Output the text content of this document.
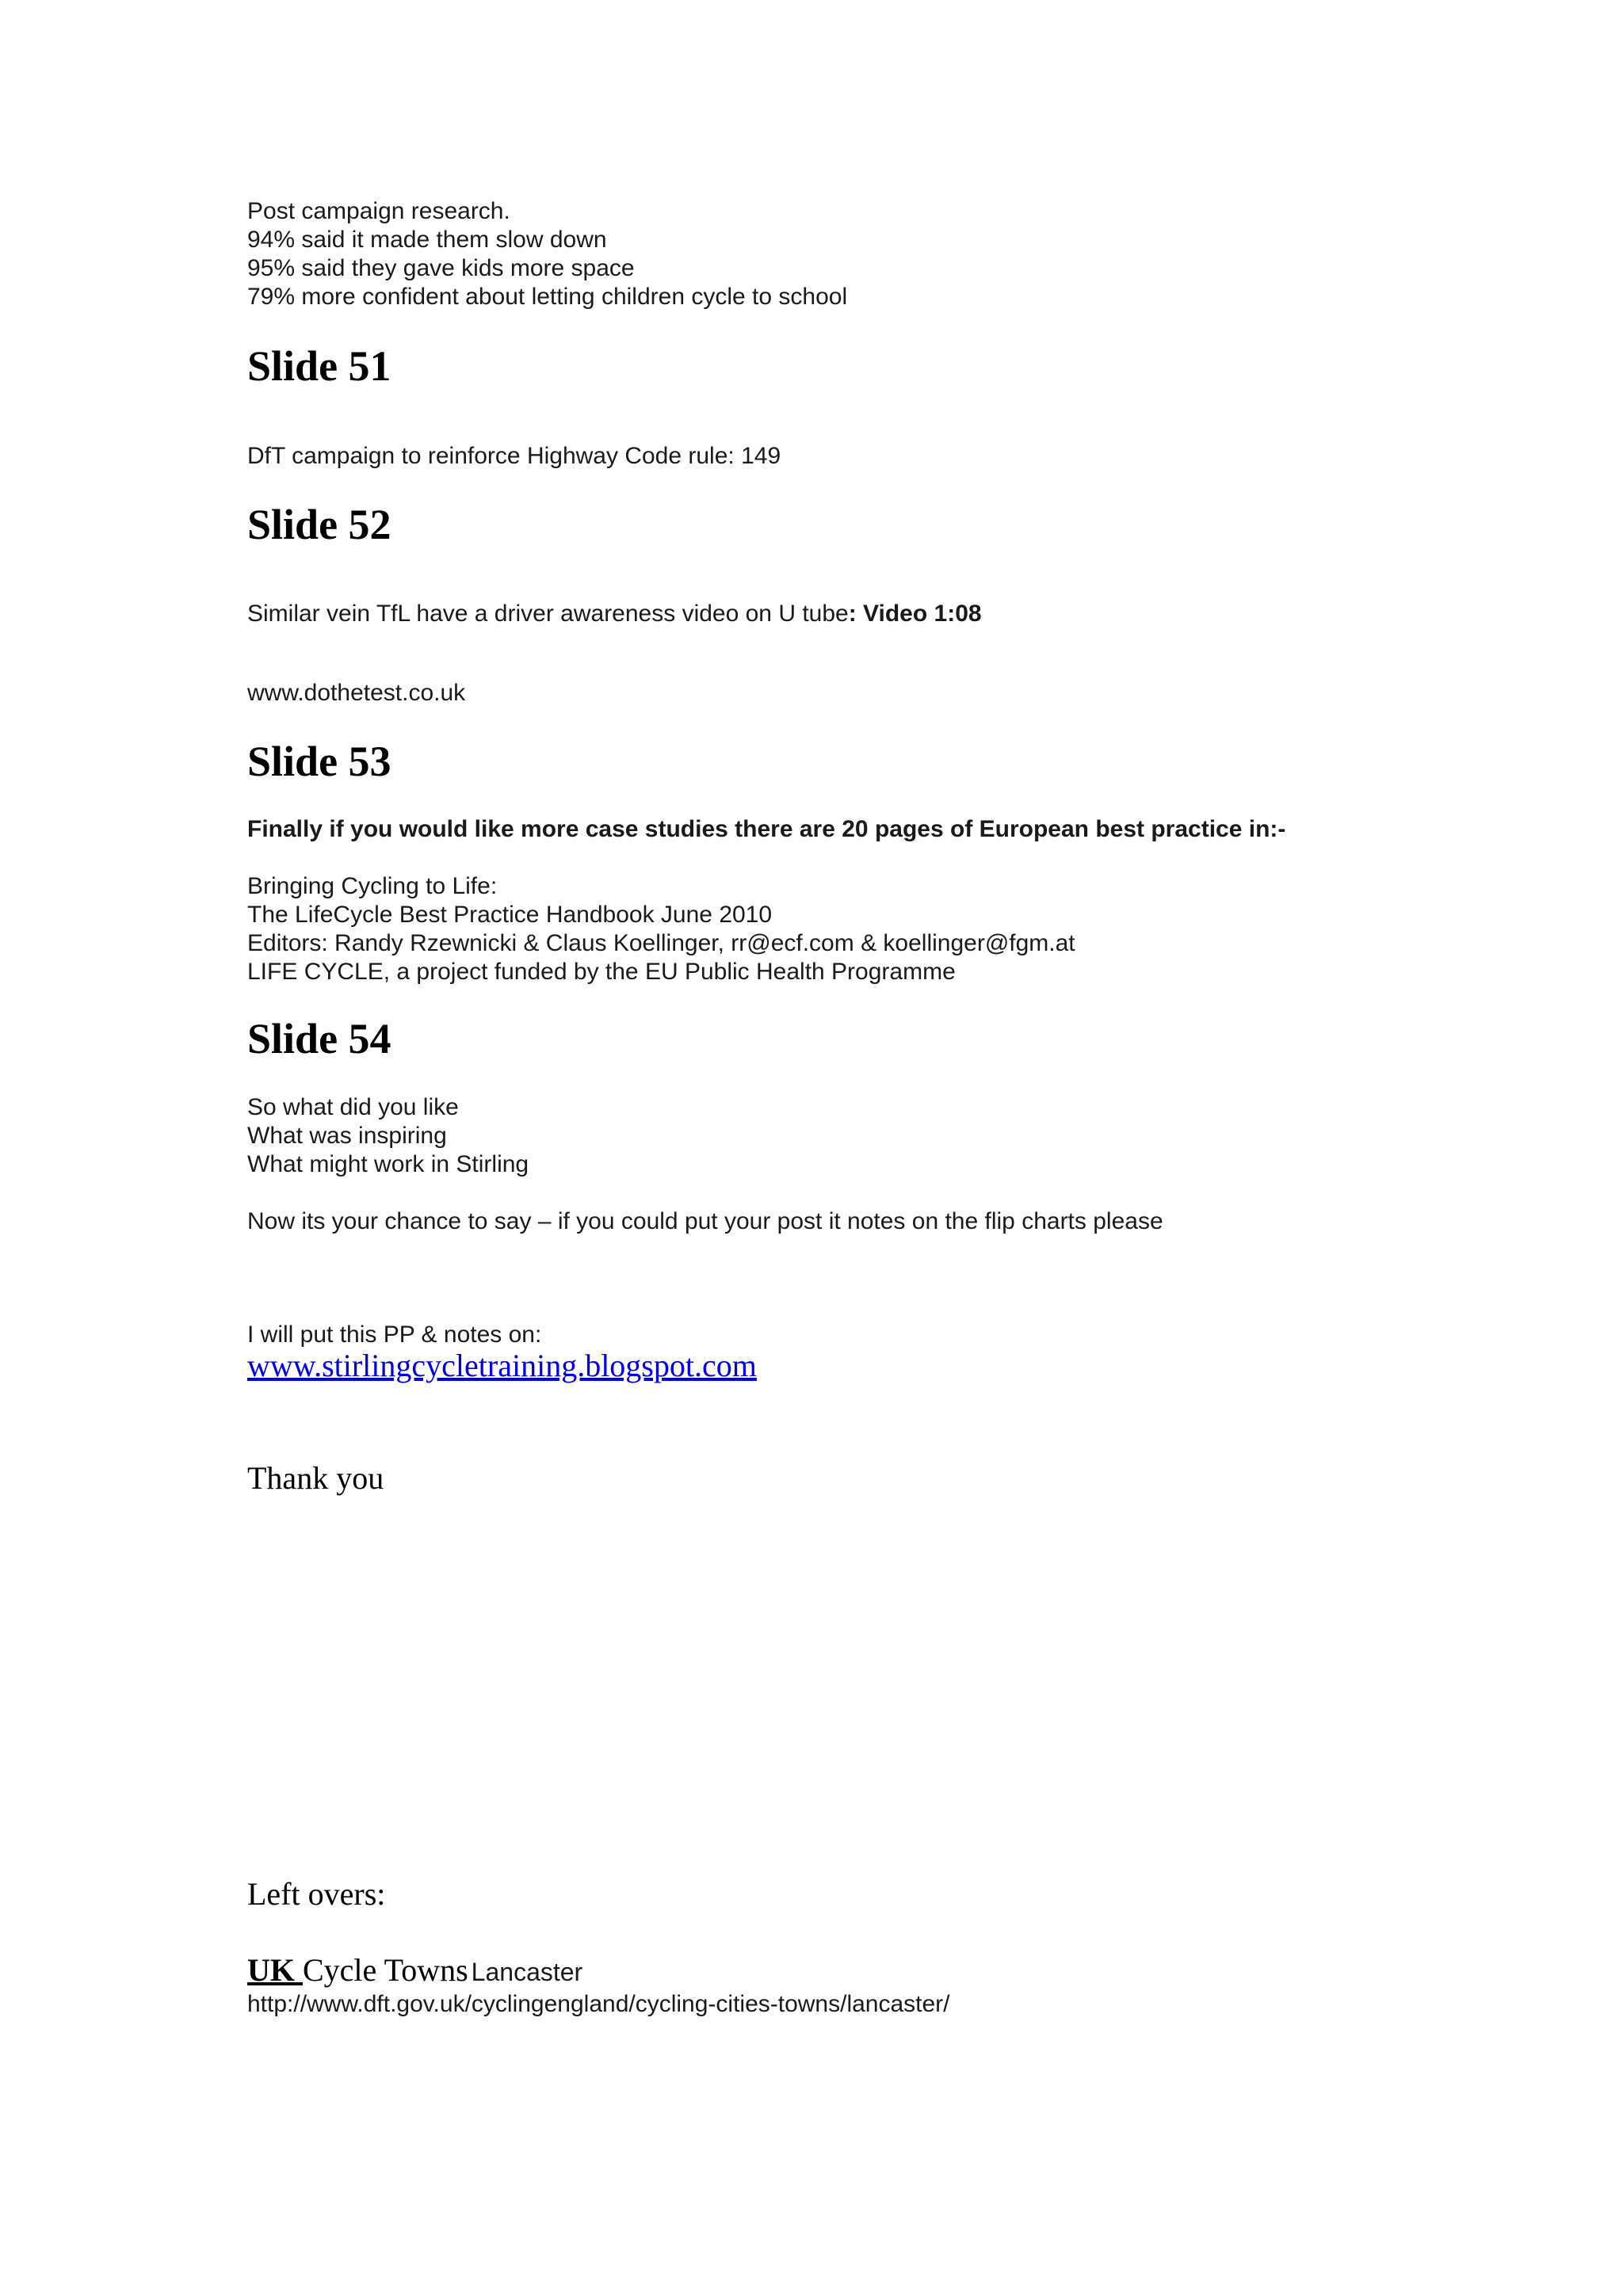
Post campaign research.
94% said it made them slow down
95% said they gave kids more space
79% more confident about letting children cycle to school
Slide 51
DfT campaign to reinforce Highway Code rule: 149
Slide 52
Similar vein TfL have a driver awareness video on U tube: Video 1:08
www.dothetest.co.uk
Slide 53
Finally if you would like more case studies there are 20 pages of European best practice in:-
Bringing Cycling to Life:
The LifeCycle Best Practice Handbook June 2010
Editors: Randy Rzewnicki & Claus Koellinger, rr@ecf.com & koellinger@fgm.at
LIFE CYCLE, a project funded by the EU Public Health Programme
Slide 54
So what did you like
What was inspiring
What might work in Stirling
Now its your chance to say – if you could put your post it notes on the flip charts please
I will put this PP & notes on:
www.stirlingcycletraining.blogspot.com
Thank you
Left overs:
UK Cycle Towns Lancaster
http://www.dft.gov.uk/cyclingengland/cycling-cities-towns/lancaster/
